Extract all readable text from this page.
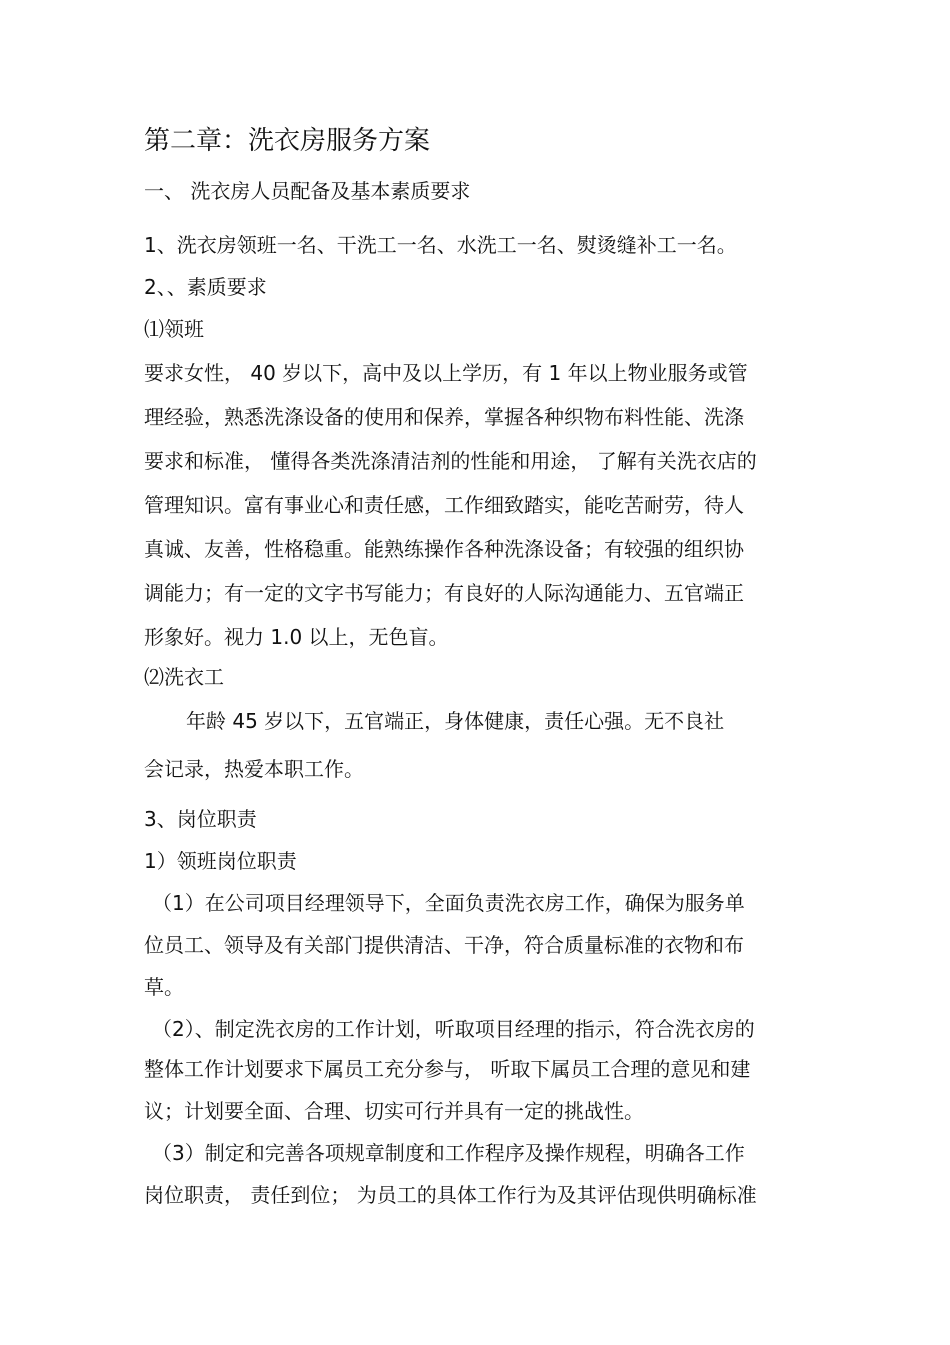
第二章：洗衣房服务方案
一、 洗衣房人员配备及基本素质要求
1、洗衣房领班一名、干洗工一名、水洗工一名、熨烫缝补工一名。
2、、素质要求
⑴领班
要求女性， 40 岁以下，高中及以上学历，有 1 年以上物业服务或管
理经验，熟悉洗涤设备的使用和保养，掌握各种织物布料性能、洗涤
要求和标准， 懂得各类洗涤清洁剂的性能和用途， 了解有关洗衣店的
管理知识。富有事业心和责任感，工作细致踏实，能吃苦耐劳，待人
真诚、友善，性格稳重。能熟练操作各种洗涤设备；有较强的组织协
调能力；有一定的文字书写能力；有良好的人际沟通能力、五官端正
形象好。视力 1.0 以上，无色盲。
⑵洗衣工
年龄 45 岁以下，五官端正，身体健康，责任心强。无不良社
会记录，热爱本职工作。
3、岗位职责
1）领班岗位职责
（1）在公司项目经理领导下，全面负责洗衣房工作，确保为服务单
位员工、领导及有关部门提供清洁、干净，符合质量标准的衣物和布
草。
（2）、制定洗衣房的工作计划，听取项目经理的指示，符合洗衣房的
整体工作计划要求下属员工充分参与， 听取下属员工合理的意见和建
议；计划要全面、合理、切实可行并具有一定的挑战性。
（3）制定和完善各项规章制度和工作程序及操作规程，明确各工作
岗位职责， 责任到位； 为员工的具体工作行为及其评估现供明确标准
